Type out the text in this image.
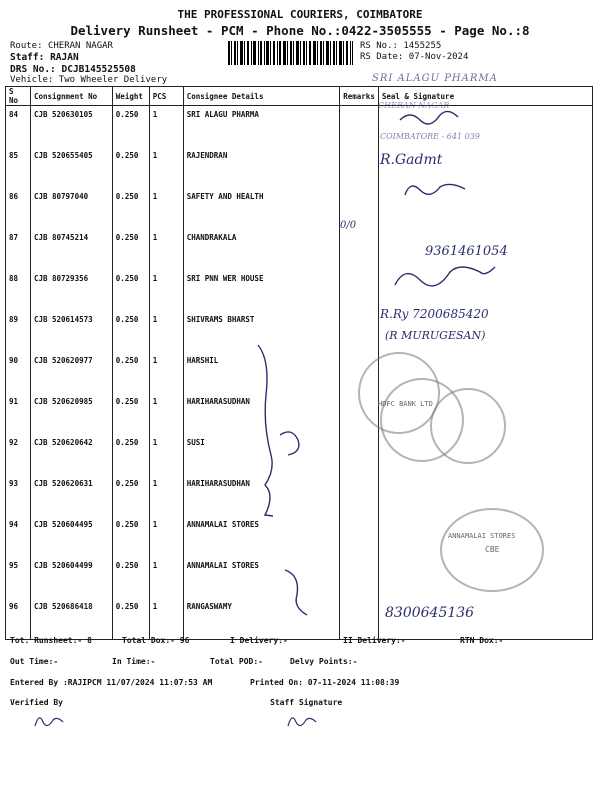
THE PROFESSIONAL COURIERS, COIMBATORE
Delivery Runsheet - PCM - Phone No.:0422-3505555 - Page No.:8
Route: CHERAN NAGAR
Staff: RAJAN
DRS No.: DCJB145525508
Vehicle: Two Wheeler Delivery
RS No.: 1455255
RS Date: 07-Nov-2024
S No	Consignment No	Weight	PCS	Consignee Details	Remarks	Seal & Signature

84	CJB 520630105	0.250	1	SRI ALAGU PHARMA		

85	CJB 520655405	0.250	1	RAJENDRAN		

86	CJB 80797040	0.250	1	SAFETY AND HEALTH		

87	CJB 80745214	0.250	1	CHANDRAKALA		

88	CJB 80729356	0.250	1	SRI PNN WER HOUSE		

89	CJB 520614573	0.250	1	SHIVRAMS BHARST		

90	CJB 520620977	0.250	1	HARSHIL		

91	CJB 520620985	0.250	1	HARIHARASUDHAN		

92	CJB 520620642	0.250	1	SUSI		

93	CJB 520620631	0.250	1	HARIHARASUDHAN		

94	CJB 520604495	0.250	1	ANNAMALAI STORES		

95	CJB 520604499	0.250	1	ANNAMALAI STORES		

96	CJB 520686418	0.250	1	RANGASWAMY		

SRI ALAGU PHARMA
CHERAN NAGAR
COIMBATORE - 641 039
R.Gadmt
0/0
9361461054
R.Ry 7200685420
(R MURUGESAN)
8300645136
HDFC BANK LTD
ANNAMALAI STORES
CBE
Tot. Runsheet:- 8	Total Dox:- 96	I Delivery:-	II Delivery:-	RTN Dox:-
Out Time:-	In Time:-	Total POD:-	Delvy Points:-
Entered By :RAJIPCM 11/07/2024 11:07:53 AM	Printed On: 07-11-2024 11:08:39
Verified By	Staff Signature
